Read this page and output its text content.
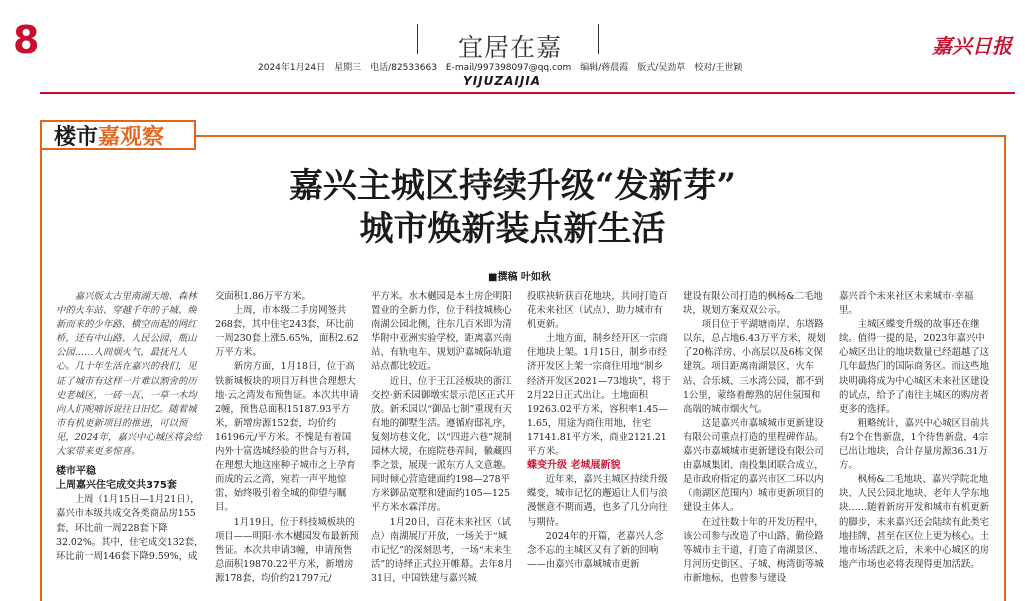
8	宜居在嘉	嘉兴日报
2024年1月24日　星期三　电话/82533663　E-mail/997398097@qq.com　编辑/蒋晨霞　版式/吴劲草　校对/王世颖
YIJUZAIJIA
楼市嘉观察
嘉兴主城区持续升级“发新芽”
城市焕新装点新生活
■撰稿 叶如秋

嘉兴版太古里南湖天地、森林中的火车站、穿越千年的子城、焕新而来的少年路、横空而起的网红桥，还有中山路、人民公园、瓶山公园……人间烟火气，最抚凡人心。几十年生活在嘉兴的我们，见证了城市有这样一片难以割舍的历史老城区，一砖一瓦、一草一木均向人们呢喃诉说往日旧忆。随着城市有机更新项目的推进，可以预见，2024年，嘉兴中心城区将会给大家带来更多惊喜。

楼市平稳

上周嘉兴住宅成交共375套

上周（1月15日—1月21日），嘉兴市本级共成交各类商品房155套，环比前一周228套下降32.02%。其中，住宅成交132套，环比前一周146套下降9.59%，成

交面积1.86万平方米。

上周，市本级二手房网签共268套，其中住宅243套，环比前一周230套上涨5.65%，面积2.62万平方米。

新房方面，1月18日，位于高铁新城板块的项目万科世合理想大地·云之湾发布预售证。本次共申请2幢，预售总面积15187.93平方米，新增房源152套，均价约16196元/平方米。不愧是有着国内外十富选城经验的世合与万科，在理想大地这座种子城市之上孕育而成的云之湾，宛若一声平地惊雷，始终吸引着全城的仰望与瞩目。

1月19日，位于科技城板块的项目——明阳·水木樾园发布最新预售证。本次共申请3幢，申请预售总面积19870.22平方米，新增房源178套，均价约21797元/

平方米。水木樾园是本土房企明阳置业的全新力作，位于科技城核心南湖公园北侧，往东几百米即为清华附中亚洲实验学校，距离嘉兴南站、有轨电车、规划沪嘉城际轨道站点都比较近。

近日，位于王江泾板块的浙江交控·新禾园御墩实景示范区正式开放。新禾园以“御品七制”重现有天有地的御墅生活。遵循府邸礼序，复刻坊巷文化，以“四进六巷”规制园林大境，在庭院巷弄间，徽藏四季之景，展现一派东方人文意趣。同时倾心营造建面约198—278平方米御品宽墅和建面约105—125平方米水霖洋房。

1月20日，百花未来社区（试点）南湖展厅开放，一场关于“城市记忆”的深刻思考，一场“未来生活”的诗绎正式拉开帷幕。去年8月31日，中国铁建与嘉兴城

投联袂斩获百花地块，共同打造百花未来社区（试点），助力城市有机更新。

土地方面，制乡经开区一宗商住地块上架。1月15日，制乡市经济开发区上架一宗商住用地“制乡经济开发区2021—73地块”，将于2月22日正式出让。土地面积19263.02平方米，容积率1.45—1.65，用途为商住用地，住宅17141.81平方米，商业2121.21平方米。

蝶变升级 老城展新貌

近年来，嘉兴主城区持续升级蝶变，城市记忆的邂逅让人们与浪漫惬意不期而遇，也多了几分向往与期待。

2024年的开篇，老嘉兴人念念不忘的主城区又有了新的回响——由嘉兴市嘉城城市更新

建设有限公司打造的枫杨&二毛地块，规划方案双双公示。

项目位于平湖塘南岸、东塔路以东，总占地6.43万平方米，规划了20栋洋房、小高层以及6栋文保建筑。项目距离南湖景区、火车站、合乐城、三水湾公园，都不到1公里，蒙络着醇熟的居住氛围和高端的城市烟火气。

这是嘉兴市嘉城城市更新建设有限公司重点打造的里程碑作品。嘉兴市嘉城城市更新建设有限公司由嘉城集团、南投集团联合成立，是市政府指定的嘉兴市区二环以内（南湖区范围内）城市更新项目的建设主体人。

在过往数十年的开发历程中，该公司参与改造了中山路、勤俭路等城市主干道，打造了南湖景区、月河历史街区、子城、梅湾街等城市新地标，也曾参与建设

嘉兴首个未来社区未来城市·幸福里。

主城区蝶变升级的故事还在继续。值得一提的是，2023年嘉兴中心城区出让的地块数量已经超越了这几年最热门的国际商务区。而这些地块明确将成为中心城区未来社区建设的试点，给予了南往主城区的购房者更多的选择。

粗略统计，嘉兴中心城区目前共有2个在售新盘，1个待售新盘，4宗已出让地块，合计存量房源36.31万方。

枫杨&二毛地块、嘉兴学院北地块、人民公园北地块、老年人学东地块……随着新房开发和城市有机更新的脚步，未来嘉兴还会陆续有此类宅地挂牌，甚至在区位上更为核心。土地市场活跃之后，未来中心城区的房地产市场也必将表现得更加活跃。
